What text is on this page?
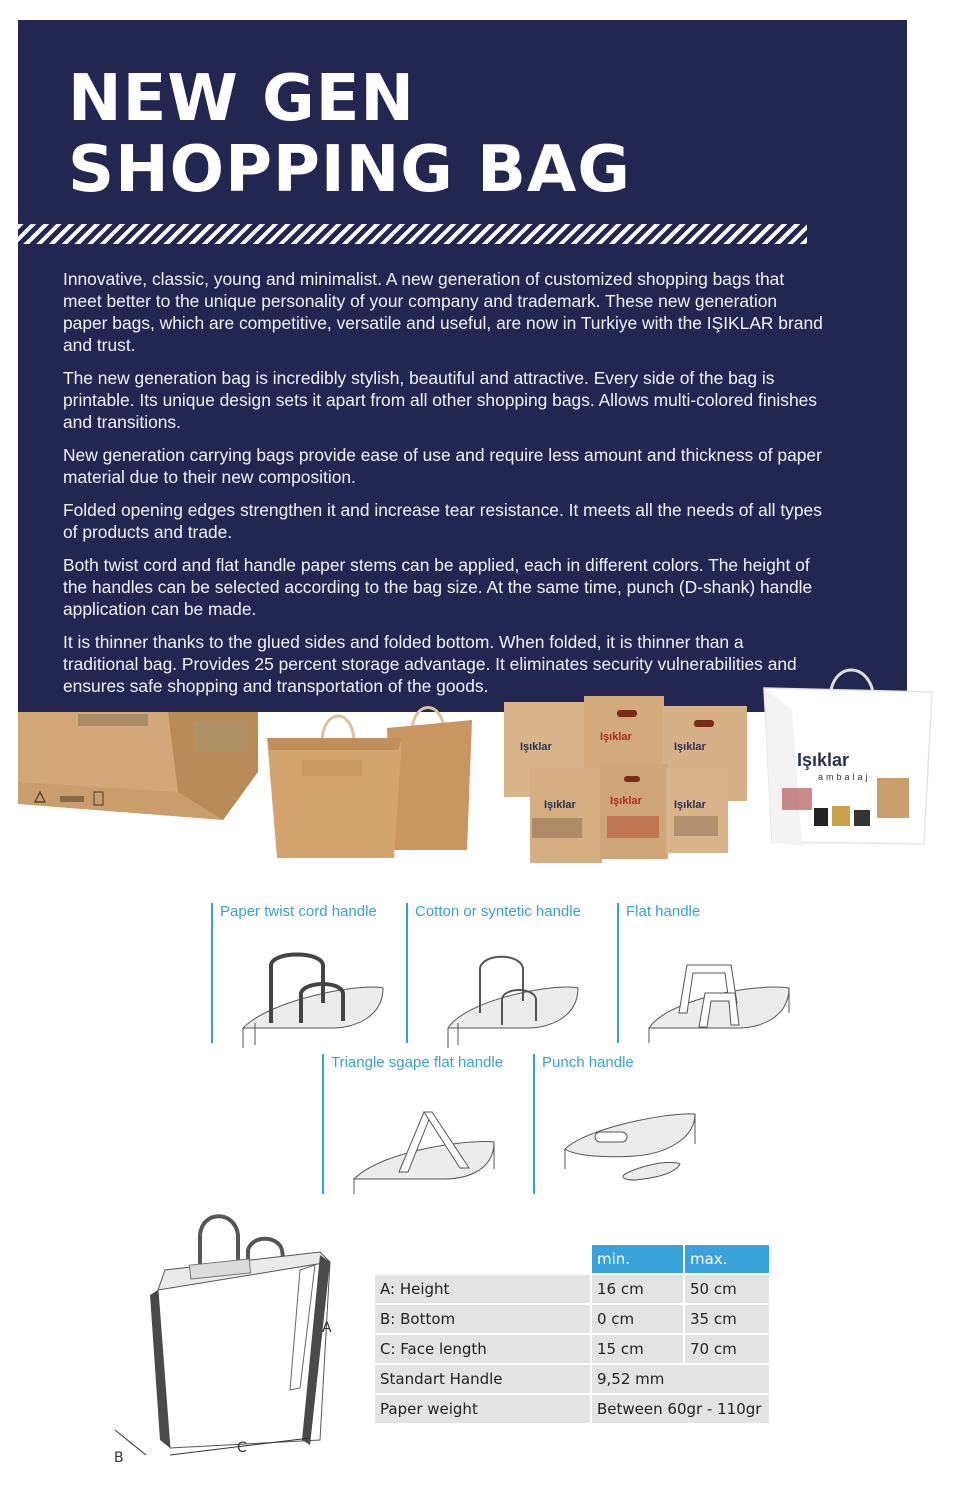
NEW GEN
SHOPPING BAG

Innovative, classic, young and minimalist. A new generation of customized shopping bags that meet better to the unique personality of your company and trademark. These new generation paper bags, which are competitive, versatile and useful, are now in Turkiye with the IŞIKLAR brand and trust.

The new generation bag is incredibly stylish, beautiful and attractive. Every side of the bag is printable. Its unique design sets it apart from all other shopping bags. Allows multi-colored finishes and transitions.

New generation carrying bags provide ease of use and require less amount and thickness of paper material due to their new composition.

Folded opening edges strengthen it and increase tear resistance. It meets all the needs of all types of products and trade.

Both twist cord and flat handle paper stems can be applied, each in different colors. The height of the handles can be selected according to the bag size. At the same time, punch (D-shank) handle application can be made.

It is thinner thanks to the glued sides and folded bottom. When folded, it is thinner than a traditional bag. Provides 25 percent storage advantage. It eliminates security vulnerabilities and ensures safe shopping and transportation of the goods.

Işıklar
Işıklar
Işıklar
Işıklar	Işıklar	Işıklar
Işıklar
ambalaj
Paper twist cord handle	Cotton or syntetic handle	Flat handle
Triangle sgape flat handle	Punch handle
A
B
C
	min.	max.
A: Height	16 cm	50 cm
B: Bottom	0 cm	35 cm
C: Face length	15 cm	70 cm
Standart Handle	9,52 mm	
Paper weight	Between 60gr - 110gr	
